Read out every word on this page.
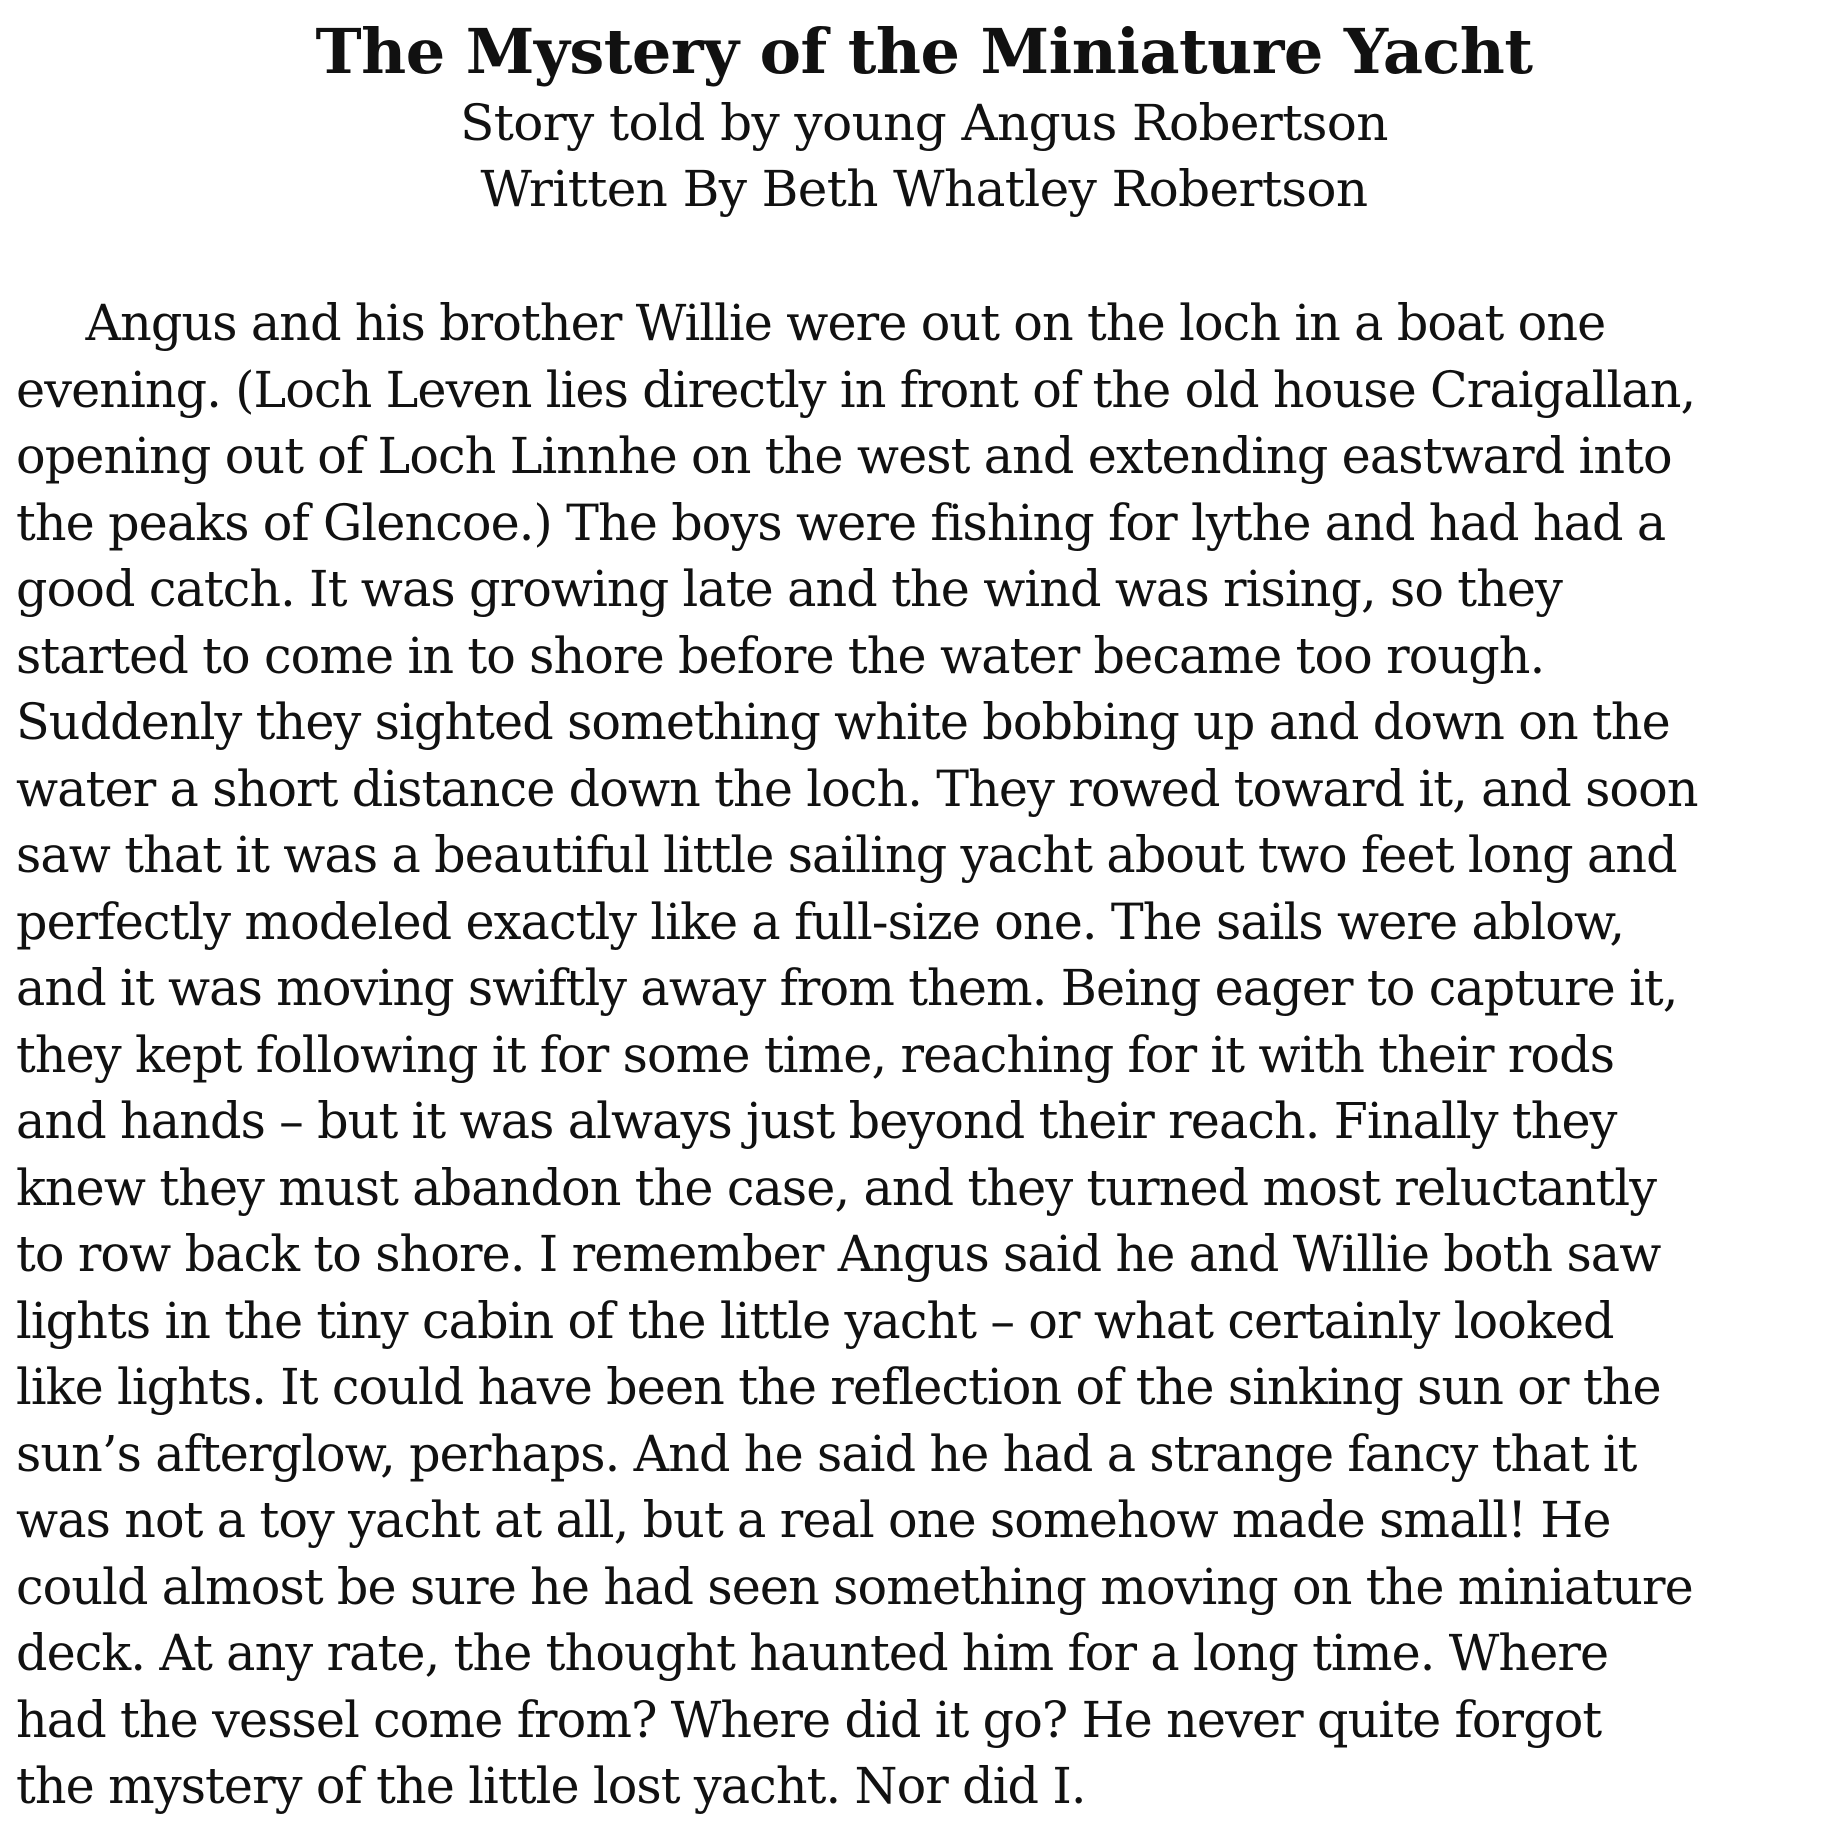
The Mystery of the Miniature Yacht
Story told by young Angus Robertson
Written By Beth Whatley Robertson
Angus and his brother Willie were out on the loch in a boat one
evening. (Loch Leven lies directly in front of the old house Craigallan,
opening out of Loch Linnhe on the west and extending eastward into
the peaks of Glencoe.) The boys were fishing for lythe and had had a
good catch. It was growing late and the wind was rising, so they
started to come in to shore before the water became too rough.
Suddenly they sighted something white bobbing up and down on the
water a short distance down the loch. They rowed toward it, and soon
saw that it was a beautiful little sailing yacht about two feet long and
perfectly modeled exactly like a full-size one. The sails were ablow,
and it was moving swiftly away from them. Being eager to capture it,
they kept following it for some time, reaching for it with their rods
and hands – but it was always just beyond their reach. Finally they
knew they must abandon the case, and they turned most reluctantly
to row back to shore. I remember Angus said he and Willie both saw
lights in the tiny cabin of the little yacht – or what certainly looked
like lights. It could have been the reflection of the sinking sun or the
sun’s afterglow, perhaps. And he said he had a strange fancy that it
was not a toy yacht at all, but a real one somehow made small! He
could almost be sure he had seen something moving on the miniature
deck. At any rate, the thought haunted him for a long time. Where
had the vessel come from? Where did it go? He never quite forgot
the mystery of the little lost yacht. Nor did I.
